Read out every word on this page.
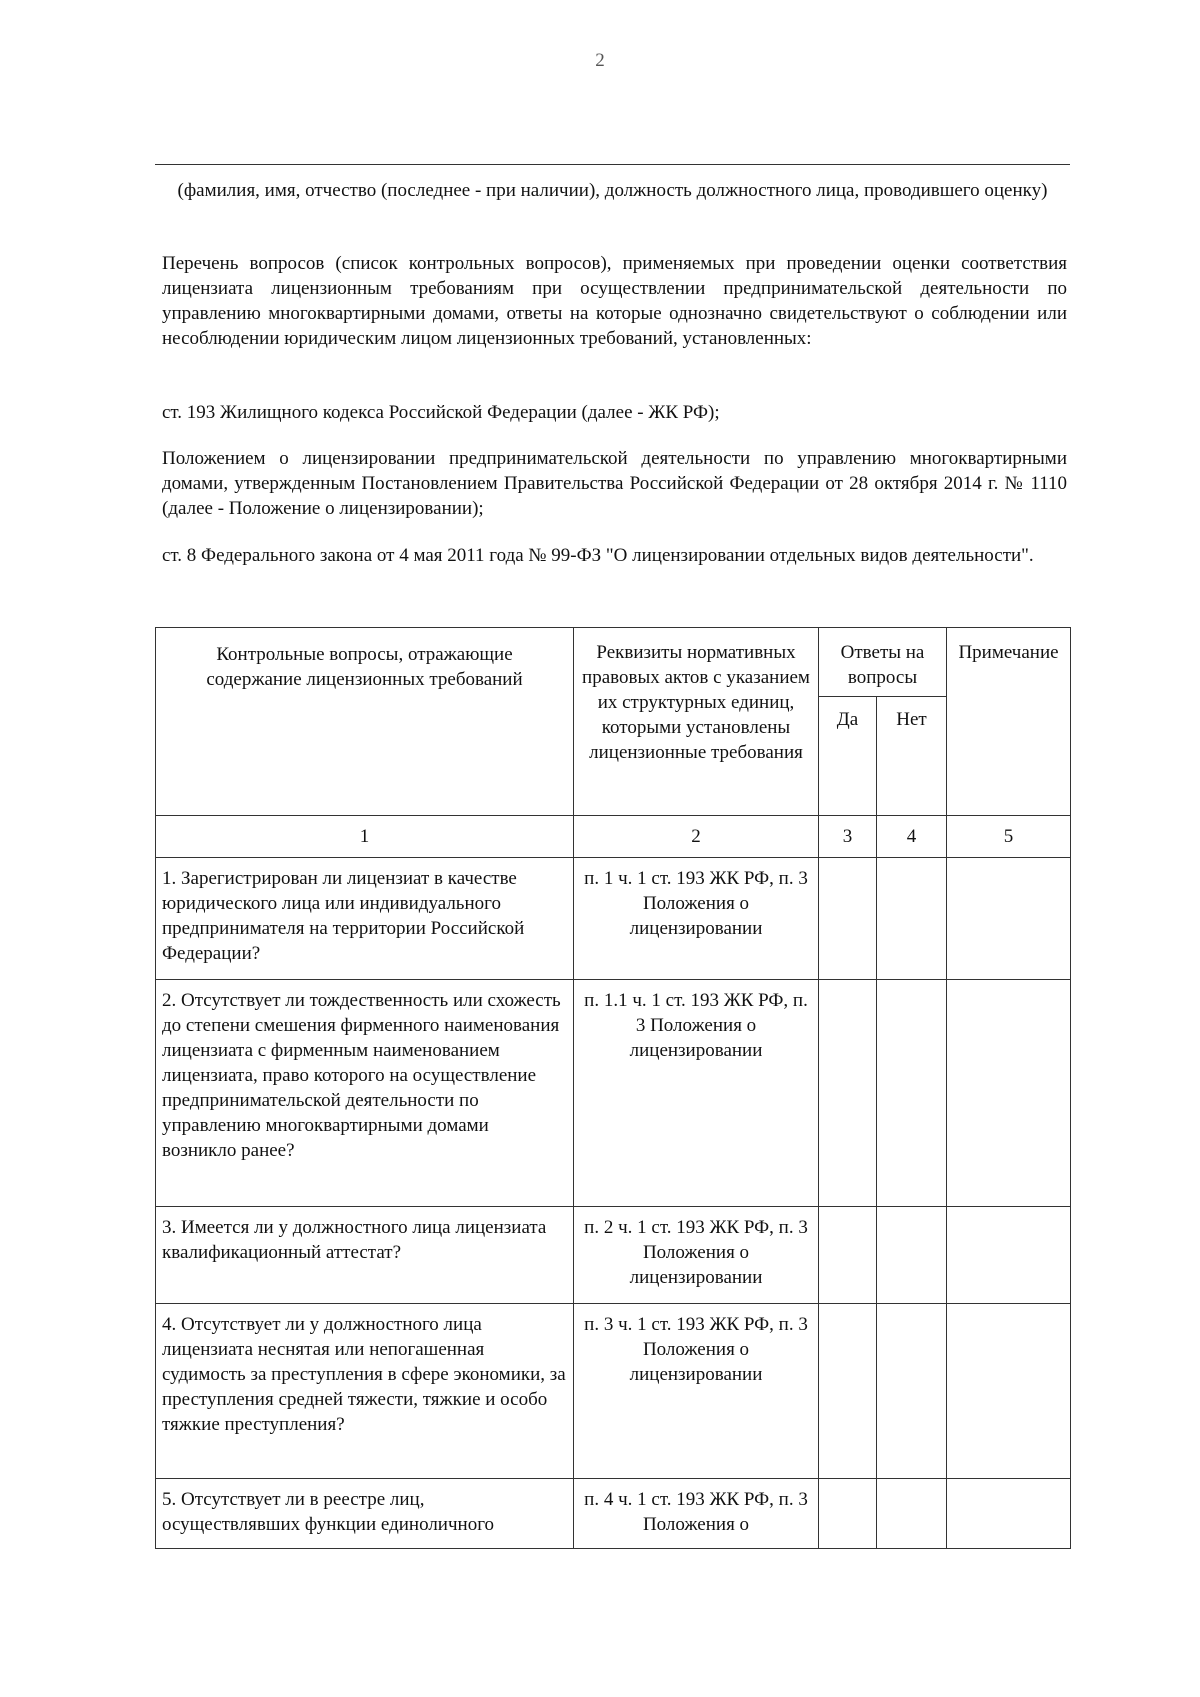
2
(фамилия, имя, отчество (последнее - при наличии), должность должностного лица, проводившего оценку)
Перечень вопросов (список контрольных вопросов), применяемых при проведении оценки соответствия лицензиата лицензионным требованиям при осуществлении предпринимательской деятельности по управлению многоквартирными домами, ответы на которые однозначно свидетельствуют о соблюдении или несоблюдении юридическим лицом лицензионных требований, установленных:
ст. 193 Жилищного кодекса Российской Федерации (далее - ЖК РФ);
Положением о лицензировании предпринимательской деятельности по управлению многоквартирными домами, утвержденным Постановлением Правительства Российской Федерации от 28 октября 2014 г. № 1110 (далее - Положение о лицензировании);
ст. 8 Федерального закона от 4 мая 2011 года № 99-ФЗ "О лицензировании отдельных видов деятельности".
Контрольные вопросы, отражающие содержание лицензионных требований	Реквизиты нормативных правовых актов с указанием их структурных единиц, которыми установлены лицензионные требования	Ответы на вопросы		Примечание
		Да	Нет	
1	2	3	4	5
1. Зарегистрирован ли лицензиат в качестве юридического лица или индивидуального предпринимателя на территории Российской Федерации?	п. 1 ч. 1 ст. 193 ЖК РФ, п. 3 Положения о лицензировании			
2. Отсутствует ли тождественность или схожесть до степени смешения фирменного наименования лицензиата с фирменным наименованием лицензиата, право которого на осуществление предпринимательской деятельности по управлению многоквартирными домами возникло ранее?	п. 1.1 ч. 1 ст. 193 ЖК РФ, п. 3 Положения о лицензировании			
3. Имеется ли у должностного лица лицензиата квалификационный аттестат?	п. 2 ч. 1 ст. 193 ЖК РФ, п. 3 Положения о лицензировании			
4. Отсутствует ли у должностного лица лицензиата неснятая или непогашенная судимость за преступления в сфере экономики, за преступления средней тяжести, тяжкие и особо тяжкие преступления?	п. 3 ч. 1 ст. 193 ЖК РФ, п. 3 Положения о лицензировании			
5. Отсутствует ли в реестре лиц, осуществлявших функции единоличного	п. 4 ч. 1 ст. 193 ЖК РФ, п. 3 Положения о			
